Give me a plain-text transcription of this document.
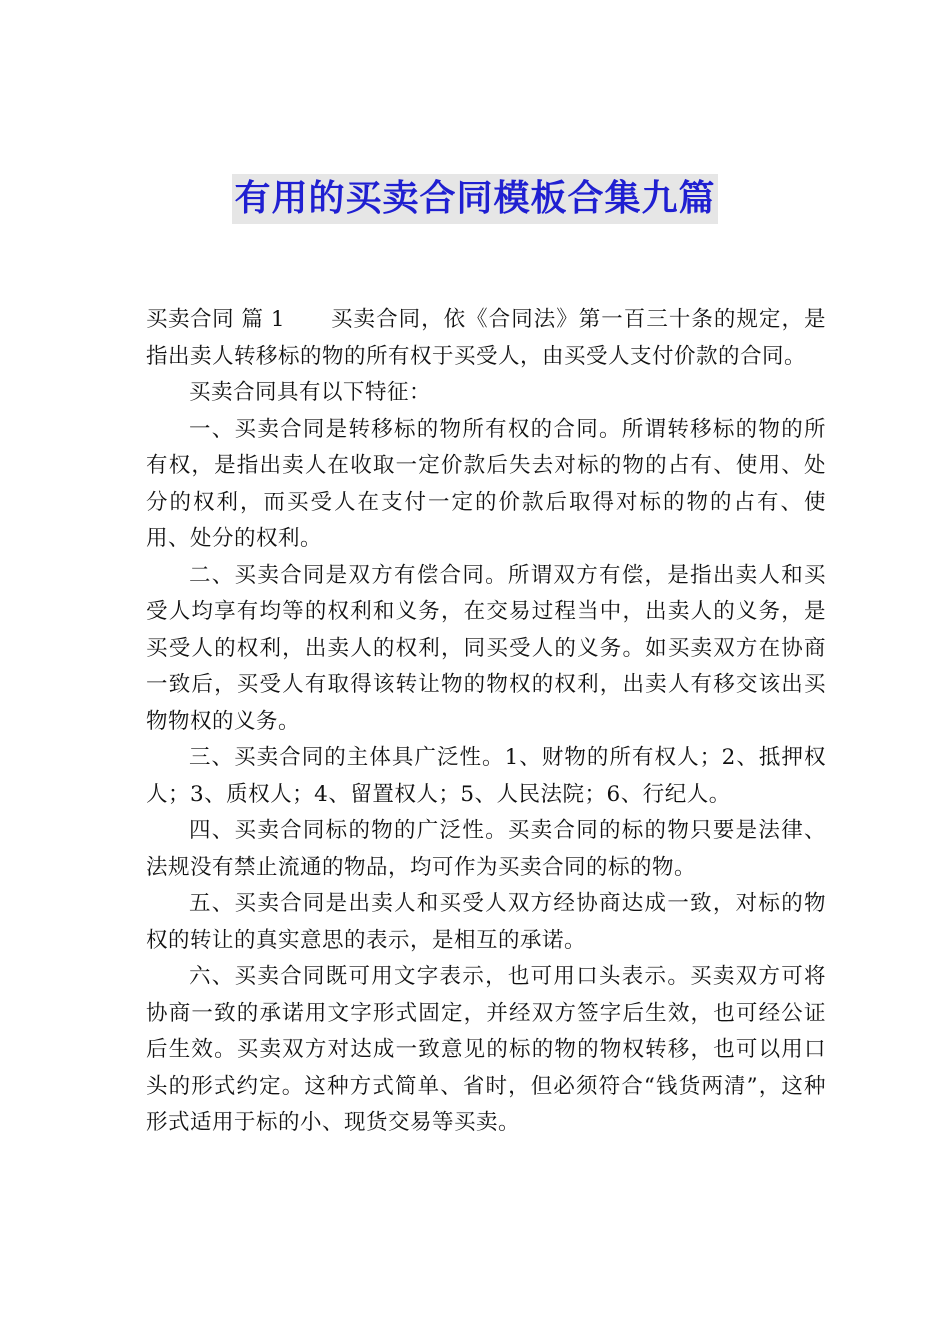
有用的买卖合同模板合集九篇

买卖合同 篇 1 买卖合同，依《合同法》第一百三十条的规定，是指出卖人转移标的物的所有权于买受人，由买受人支付价款的合同。

买卖合同具有以下特征：

一、买卖合同是转移标的物所有权的合同。所谓转移标的物的所有权，是指出卖人在收取一定价款后失去对标的物的占有、使用、处分的权利，而买受人在支付一定的价款后取得对标的物的占有、使用、处分的权利。

二、买卖合同是双方有偿合同。所谓双方有偿，是指出卖人和买受人均享有均等的权利和义务，在交易过程当中，出卖人的义务，是买受人的权利，出卖人的权利，同买受人的义务。如买卖双方在协商一致后，买受人有取得该转让物的物权的权利，出卖人有移交该出买物物权的义务。

三、买卖合同的主体具广泛性。1、财物的所有权人；2、抵押权人；3、质权人；4、留置权人；5、人民法院；6、行纪人。

四、买卖合同标的物的广泛性。买卖合同的标的物只要是法律、法规没有禁止流通的物品，均可作为买卖合同的标的物。

五、买卖合同是出卖人和买受人双方经协商达成一致，对标的物权的转让的真实意思的表示，是相互的承诺。

六、买卖合同既可用文字表示，也可用口头表示。买卖双方可将协商一致的承诺用文字形式固定，并经双方签字后生效，也可经公证后生效。买卖双方对达成一致意见的标的物的物权转移，也可以用口头的形式约定。这种方式简单、省时，但必须符合“钱货两清”，这种形式适用于标的小、现货交易等买卖。
